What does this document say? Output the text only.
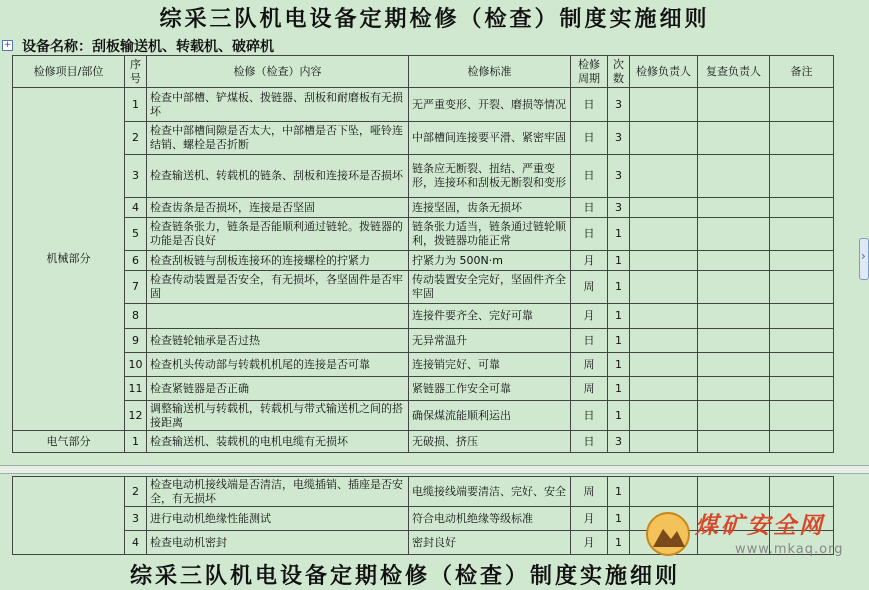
综采三队机电设备定期检修（检查）制度实施细则
+ 设备名称：刮板输送机、转载机、破碎机
检修项目/部位	序号	检修（检查）内容	检修标准	检修周期	次数	检修负责人	复查负责人	备注
机械部分	1	检查中部槽、铲煤板、拨链器、刮板和耐磨板有无损坏	无严重变形、开裂、磨损等情况	日	3			
	2	检查中部槽间隙是否太大，中部槽是否下坠，哑铃连结销、螺栓是否折断	中部槽间连接要平滑、紧密牢固	日	3			
	3	检查输送机、转载机的链条、刮板和连接环是否损坏	链条应无断裂、扭结、严重变形，连接环和刮板无断裂和变形	日	3			
	4	检查齿条是否损坏，连接是否坚固	连接坚固，齿条无损坏	日	3			
	5	检查链条张力，链条是否能顺利通过链轮。拨链器的功能是否良好	链条张力适当，链条通过链轮顺利，拨链器功能正常	日	1			
	6	检查刮板链与刮板连接环的连接螺栓的拧紧力	拧紧力为 500N·m	月	1			
	7	检查传动装置是否安全，有无损坏，各坚固件是否牢固	传动装置安全完好，坚固件齐全牢固	周	1			
	8		连接件要齐全、完好可靠	月	1			
	9	检查链轮轴承是否过热	无异常温升	日	1			
	10	检查机头传动部与转载机机尾的连接是否可靠	连接销完好、可靠	周	1			
	11	检查紧链器是否正确	紧链器工作安全可靠	周	1			
	12	调整输送机与转载机，转载机与带式输送机之间的搭接距离	确保煤流能顺利运出	日	1			
电气部分	1	检查输送机、装载机的电机电缆有无损坏	无破损、挤压	日	3			
›
	2	检查电动机接线端是否清洁，电缆插销、插座是否安全，有无损坏	电缆接线端要清洁、完好、安全	周	1			
	3	进行电动机绝缘性能测试	符合电动机绝缘等级标准	月	1			
	4	检查电动机密封	密封良好	月	1			
煤矿安全网
www.mkaq.org
综采三队机电设备定期检修（检查）制度实施细则
